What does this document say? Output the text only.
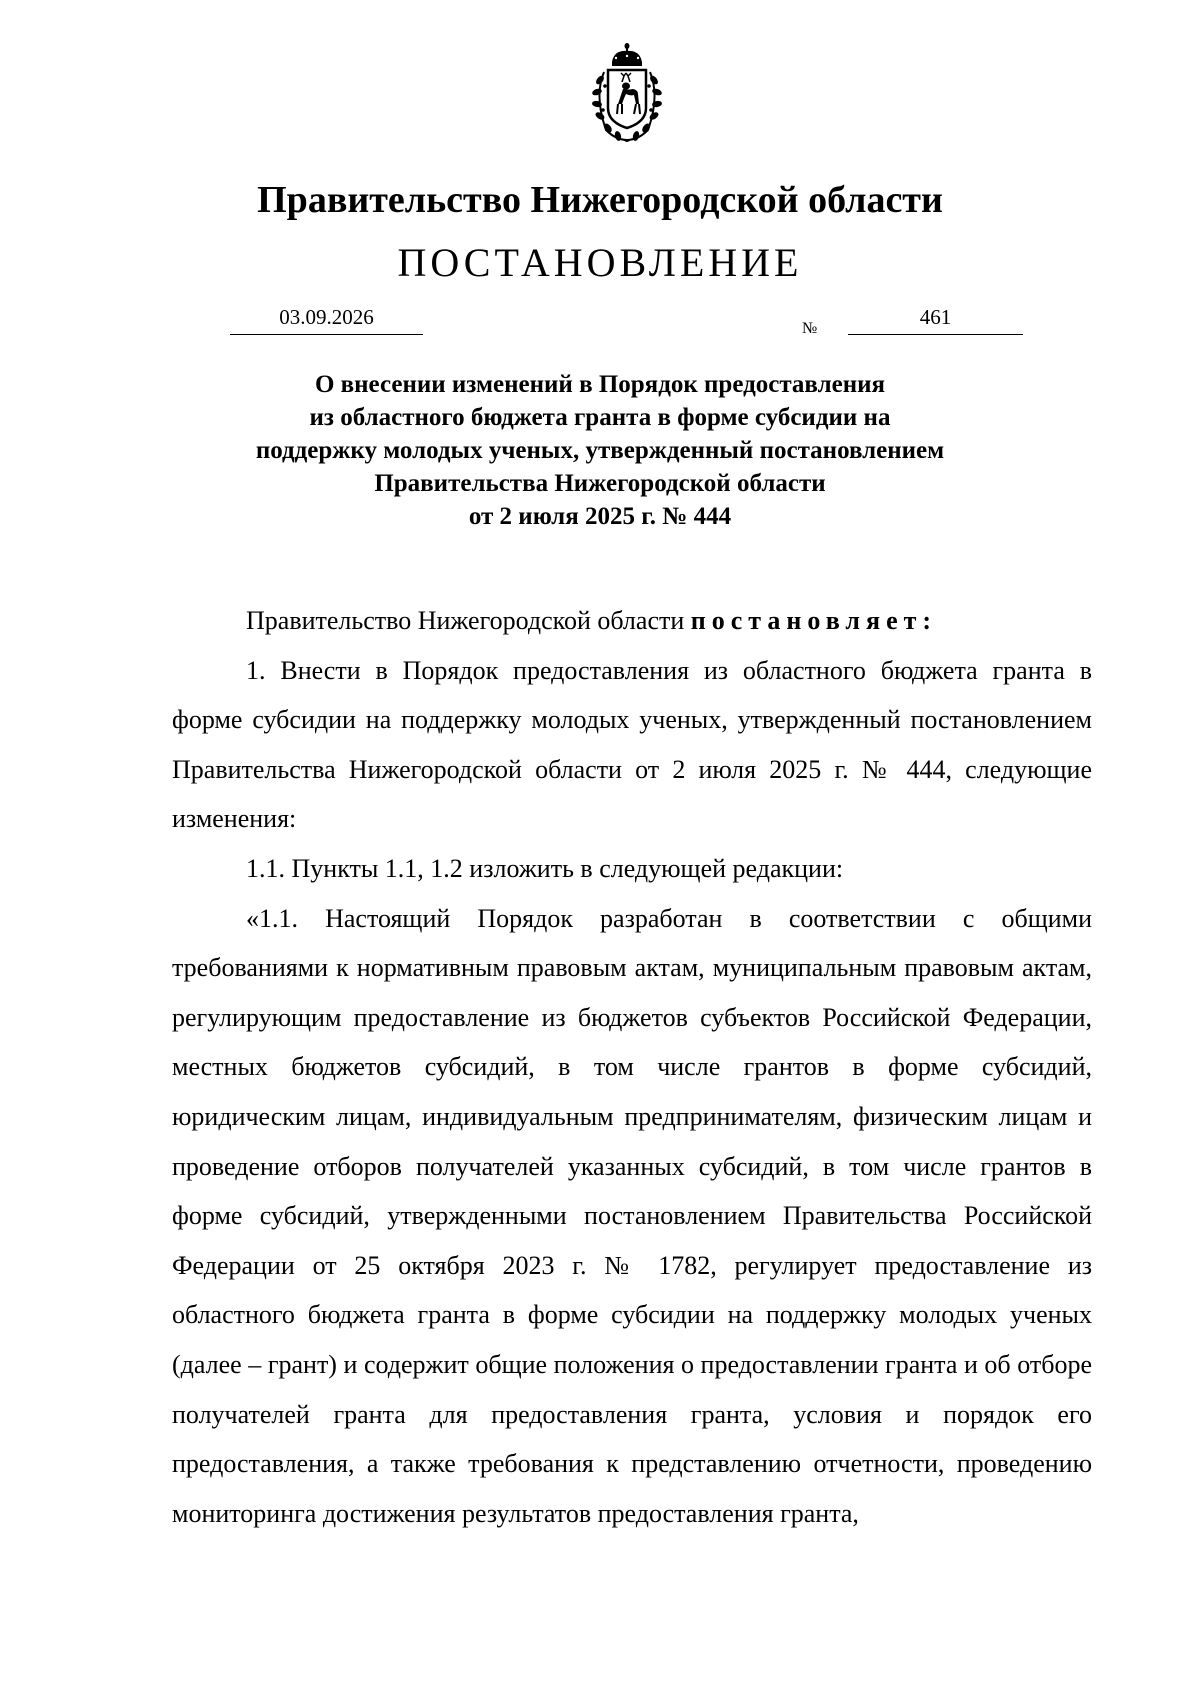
Правительство Нижегородской области
ПОСТАНОВЛЕНИЕ
03.09.2026	№	461
О внесении изменений в Порядок предоставления
из областного бюджета гранта в форме субсидии на
поддержку молодых ученых, утвержденный постановлением
Правительства Нижегородской области
от 2 июля 2025 г. № 444

Правительство Нижегородской области постановляет:

1. Внести в Порядок предоставления из областного бюджета гранта в форме субсидии на поддержку молодых ученых, утвержденный постановлением Правительства Нижегородской области от 2 июля 2025 г. № 444, следующие изменения:

1.1. Пункты 1.1, 1.2 изложить в следующей редакции:

«1.1. Настоящий Порядок разработан в соответствии с общими требованиями к нормативным правовым актам, муниципальным правовым актам, регулирующим предоставление из бюджетов субъектов Российской Федерации, местных бюджетов субсидий, в том числе грантов в форме субсидий, юридическим лицам, индивидуальным предпринимателям, физическим лицам и проведение отборов получателей указанных субсидий, в том числе грантов в форме субсидий, утвержденными постановлением Правительства Российской Федерации от 25 октября 2023 г. № 1782, регулирует предоставление из областного бюджета гранта в форме субсидии на поддержку молодых ученых (далее – грант) и содержит общие положения о предоставлении гранта и об отборе получателей гранта для предоставления гранта, условия и порядок его предоставления, а также требования к представлению отчетности, проведению мониторинга достижения результатов предоставления гранта,
